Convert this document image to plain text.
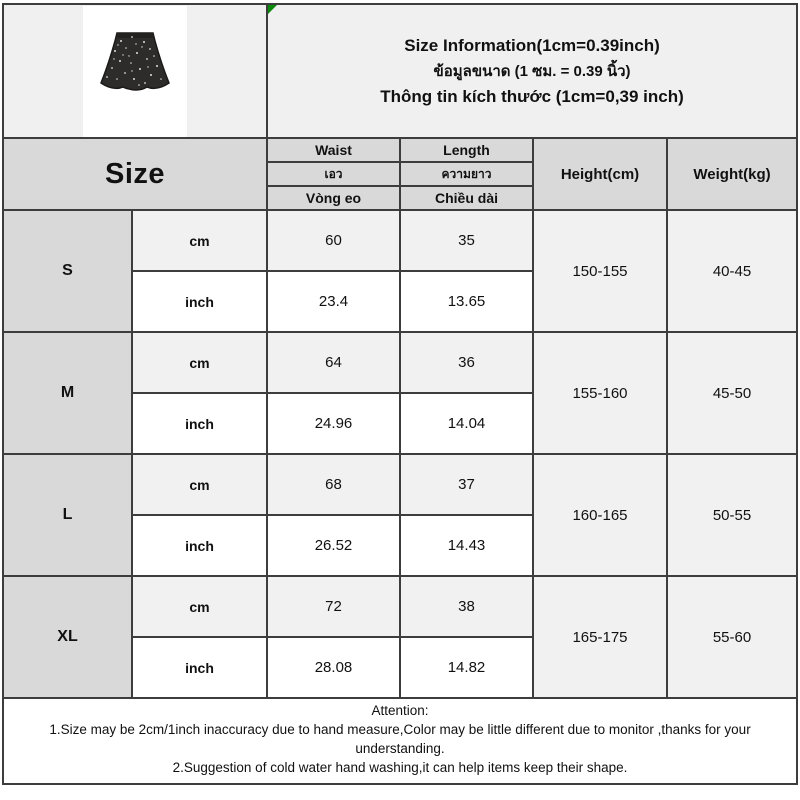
Size Information(1cm=0.39inch)
ข้อมูลขนาด (1 ซม. = 0.39 นิ้ว)
Thông tin kích thước (1cm=0,39 inch)			

Size		Waist	Length	Height(cm)	Weight(kg)
		เอว	ความยาว		
		Vòng eo	Chiều dài		
S	cm	60	35	150-155	40-45
	inch	23.4	13.65		
M	cm	64	36	155-160	45-50
	inch	24.96	14.04		
L	cm	68	37	160-165	50-55
	inch	26.52	14.43		
XL	cm	72	38	165-175	55-60
	inch	28.08	14.82		

Attention:
1.Size may be 2cm/1inch inaccuracy due to hand measure,Color may be little different due to monitor ,thanks for your understanding.
2.Suggestion of cold water hand washing,it can help items keep their shape.					
